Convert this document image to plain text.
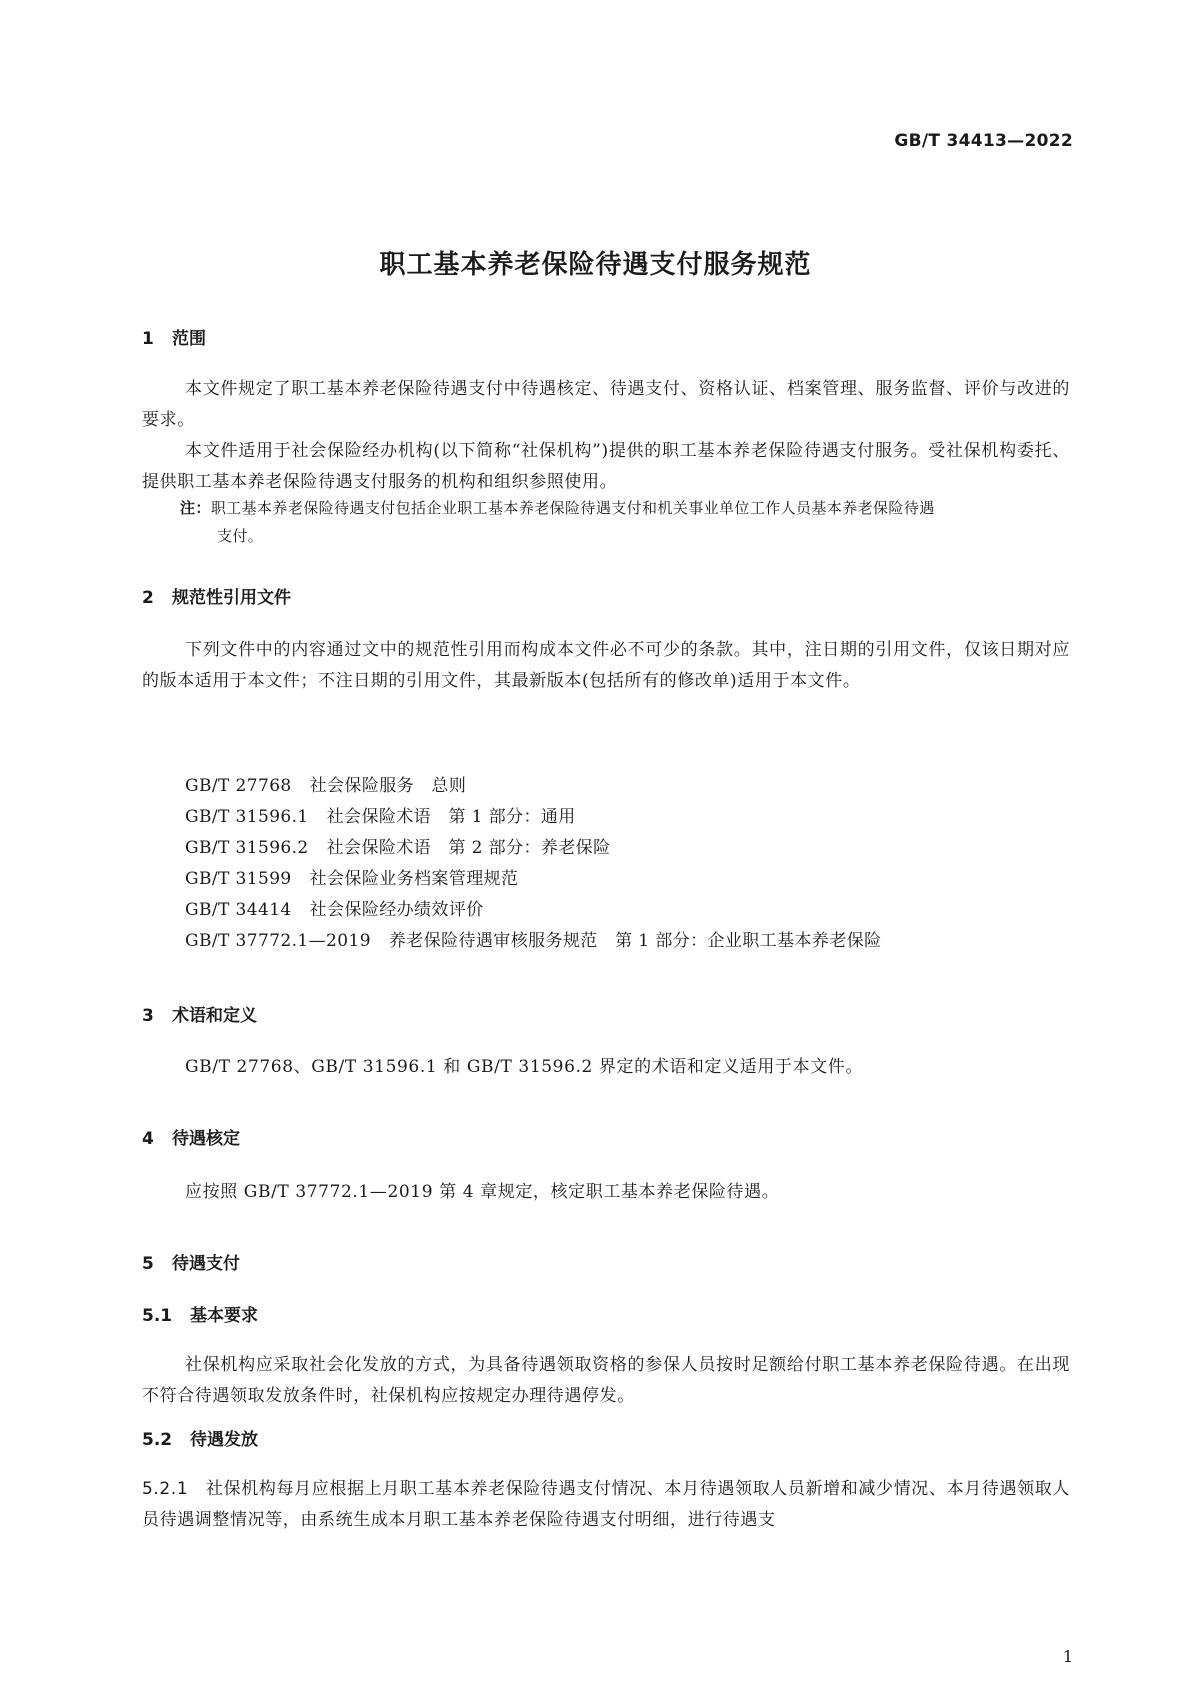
GB/T 34413—2022
职工基本养老保险待遇支付服务规范
1 范围

本文件规定了职工基本养老保险待遇支付中待遇核定、待遇支付、资格认证、档案管理、服务监督、评价与改进的要求。

本文件适用于社会保险经办机构(以下简称“社保机构”)提供的职工基本养老保险待遇支付服务。受社保机构委托、提供职工基本养老保险待遇支付服务的机构和组织参照使用。

注：职工基本养老保险待遇支付包括企业职工基本养老保险待遇支付和机关事业单位工作人员基本养老保险待遇
支付。
2 规范性引用文件

下列文件中的内容通过文中的规范性引用而构成本文件必不可少的条款。其中，注日期的引用文件，仅该日期对应的版本适用于本文件；不注日期的引用文件，其最新版本(包括所有的修改单)适用于本文件。

GB/T 27768 社会保险服务　总则
GB/T 31596.1 社会保险术语　第 1 部分：通用
GB/T 31596.2 社会保险术语　第 2 部分：养老保险
GB/T 31599 社会保险业务档案管理规范
GB/T 34414 社会保险经办绩效评价
GB/T 37772.1—2019 养老保险待遇审核服务规范　第 1 部分：企业职工基本养老保险
3 术语和定义

GB/T 27768、GB/T 31596.1 和 GB/T 31596.2 界定的术语和定义适用于本文件。

4 待遇核定

应按照 GB/T 37772.1—2019 第 4 章规定，核定职工基本养老保险待遇。

5 待遇支付
5.1 基本要求

社保机构应采取社会化发放的方式，为具备待遇领取资格的参保人员按时足额给付职工基本养老保险待遇。在出现不符合待遇领取发放条件时，社保机构应按规定办理待遇停发。

5.2 待遇发放

5.2.1　 社保机构每月应根据上月职工基本养老保险待遇支付情况、本月待遇领取人员新增和减少情况、本月待遇领取人员待遇调整情况等，由系统生成本月职工基本养老保险待遇支付明细，进行待遇支

1
